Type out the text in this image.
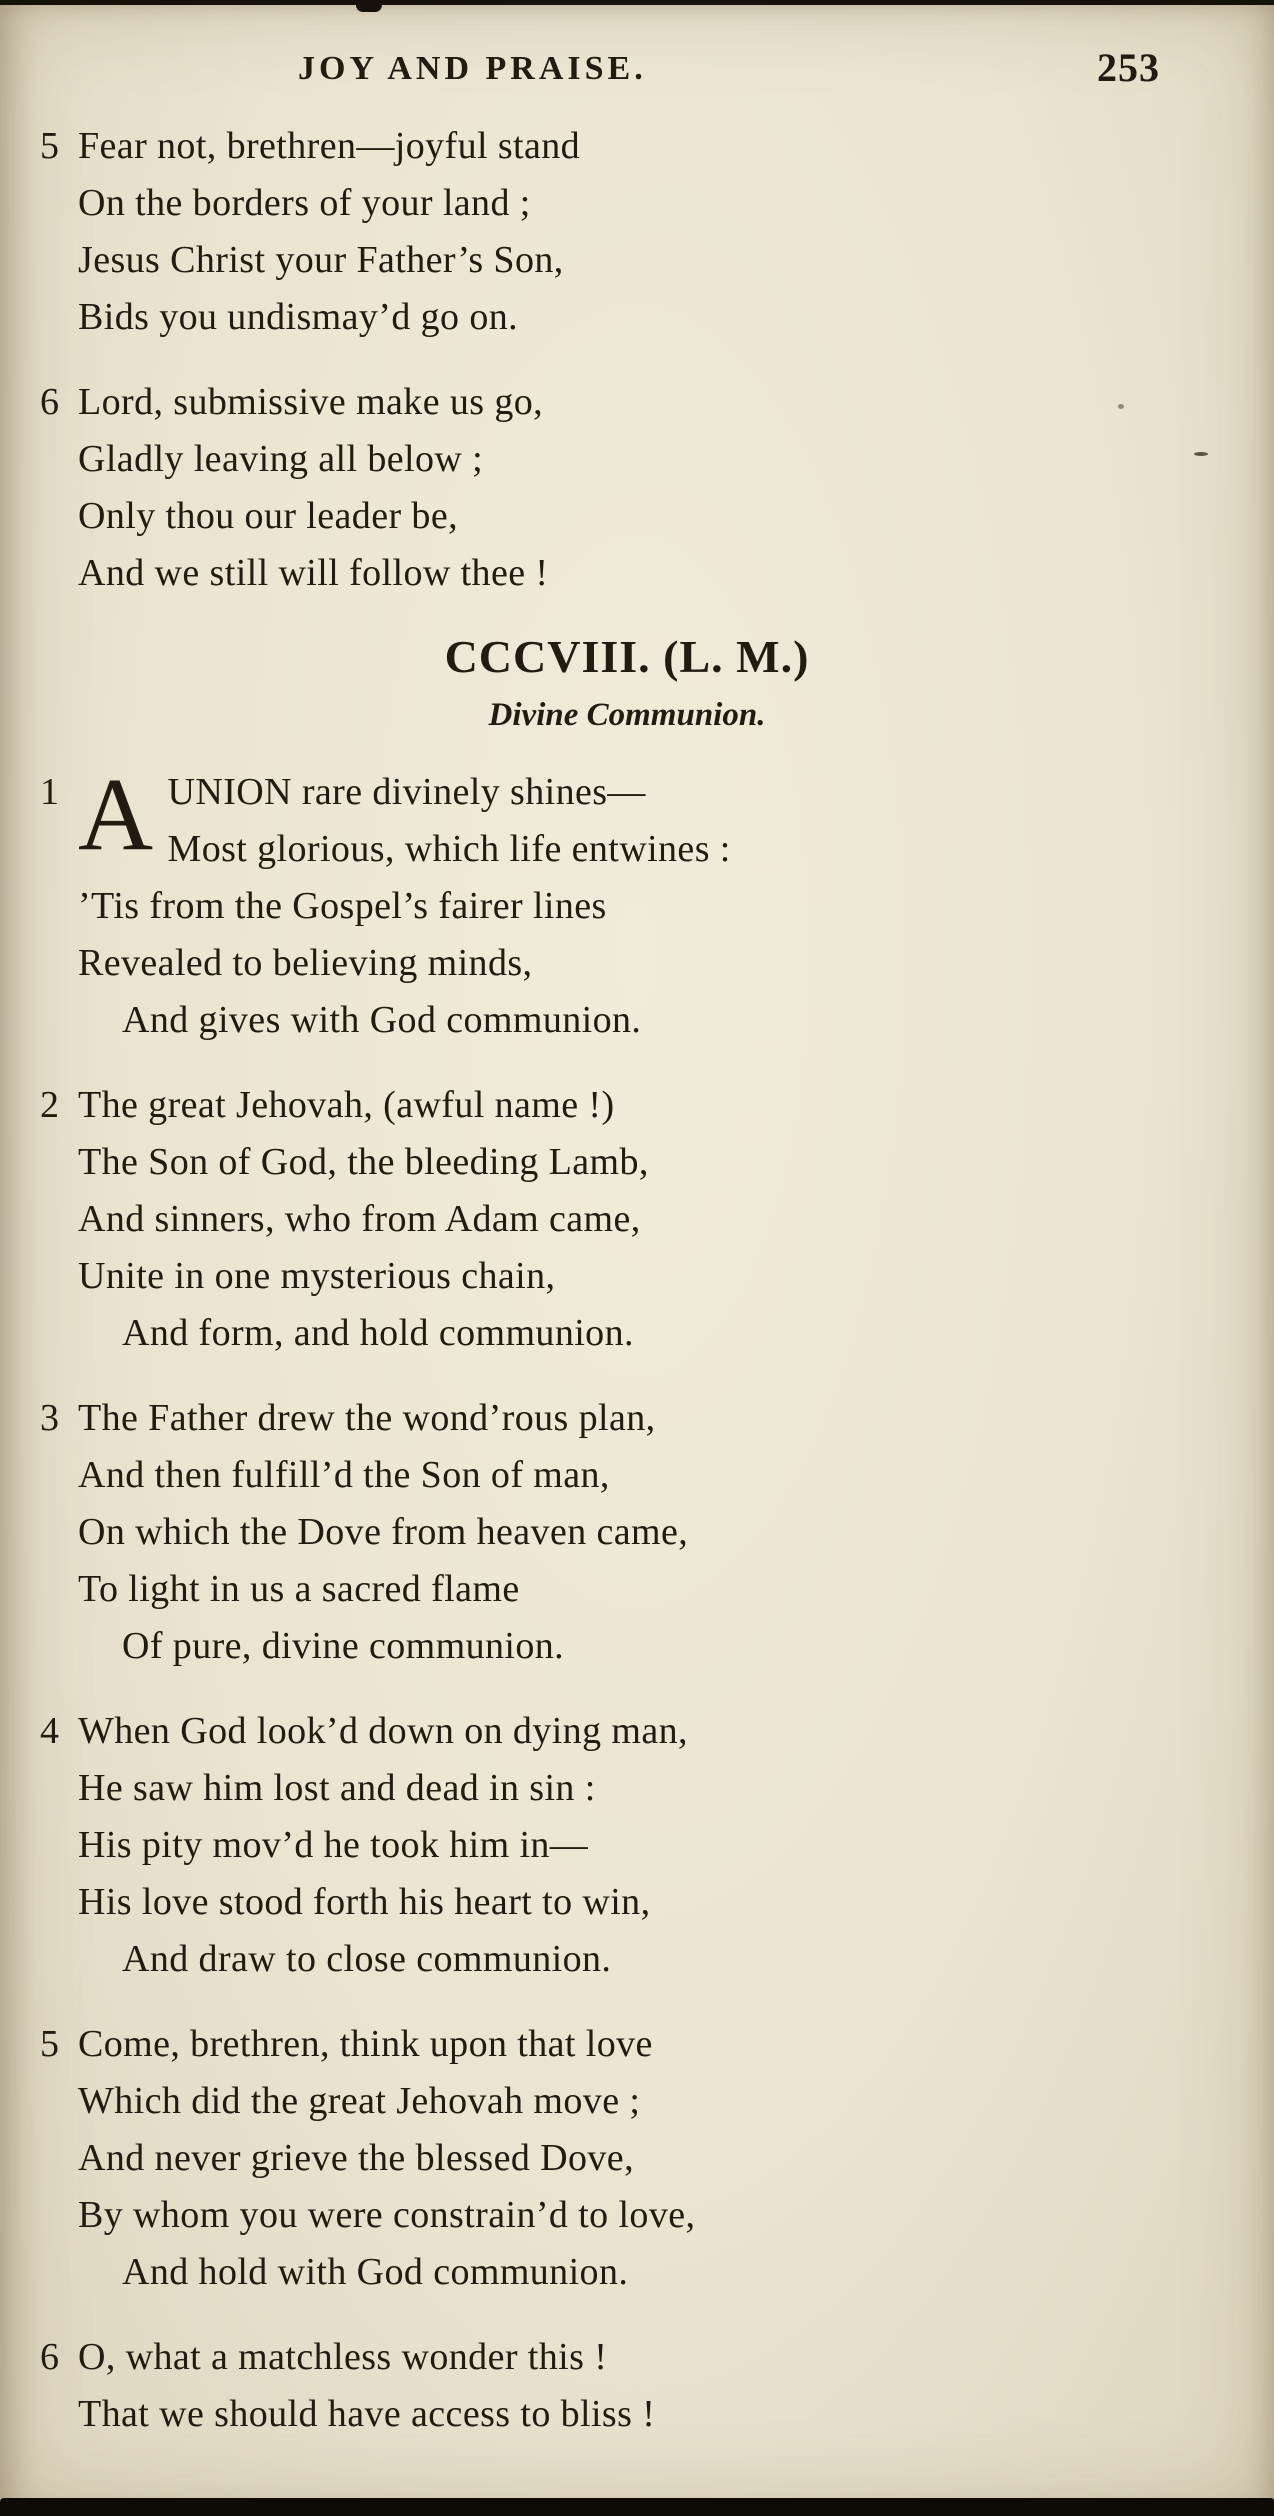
JOY AND PRAISE.	253
5 Fear not, brethren—joyful stand
On the borders of your land ;
Jesus Christ your Father’s Son,
Bids you undismay’d go on.
6 Lord, submissive make us go,
Gladly leaving all below ;
Only thou our leader be,
And we still will follow thee !
CCCVIII. (L. M.)
Divine Communion.
1 A UNION rare divinely shines—
Most glorious, which life entwines :
’Tis from the Gospel’s fairer lines
Revealed to believing minds,
And gives with God communion.
2 The great Jehovah, (awful name !)
The Son of God, the bleeding Lamb,
And sinners, who from Adam came,
Unite in one mysterious chain,
And form, and hold communion.
3 The Father drew the wond’rous plan,
And then fulfill’d the Son of man,
On which the Dove from heaven came,
To light in us a sacred flame
Of pure, divine communion.
4 When God look’d down on dying man,
He saw him lost and dead in sin :
His pity mov’d he took him in—
His love stood forth his heart to win,
And draw to close communion.
5 Come, brethren, think upon that love
Which did the great Jehovah move ;
And never grieve the blessed Dove,
By whom you were constrain’d to love,
And hold with God communion.
6 O, what a matchless wonder this !
That we should have access to bliss !
